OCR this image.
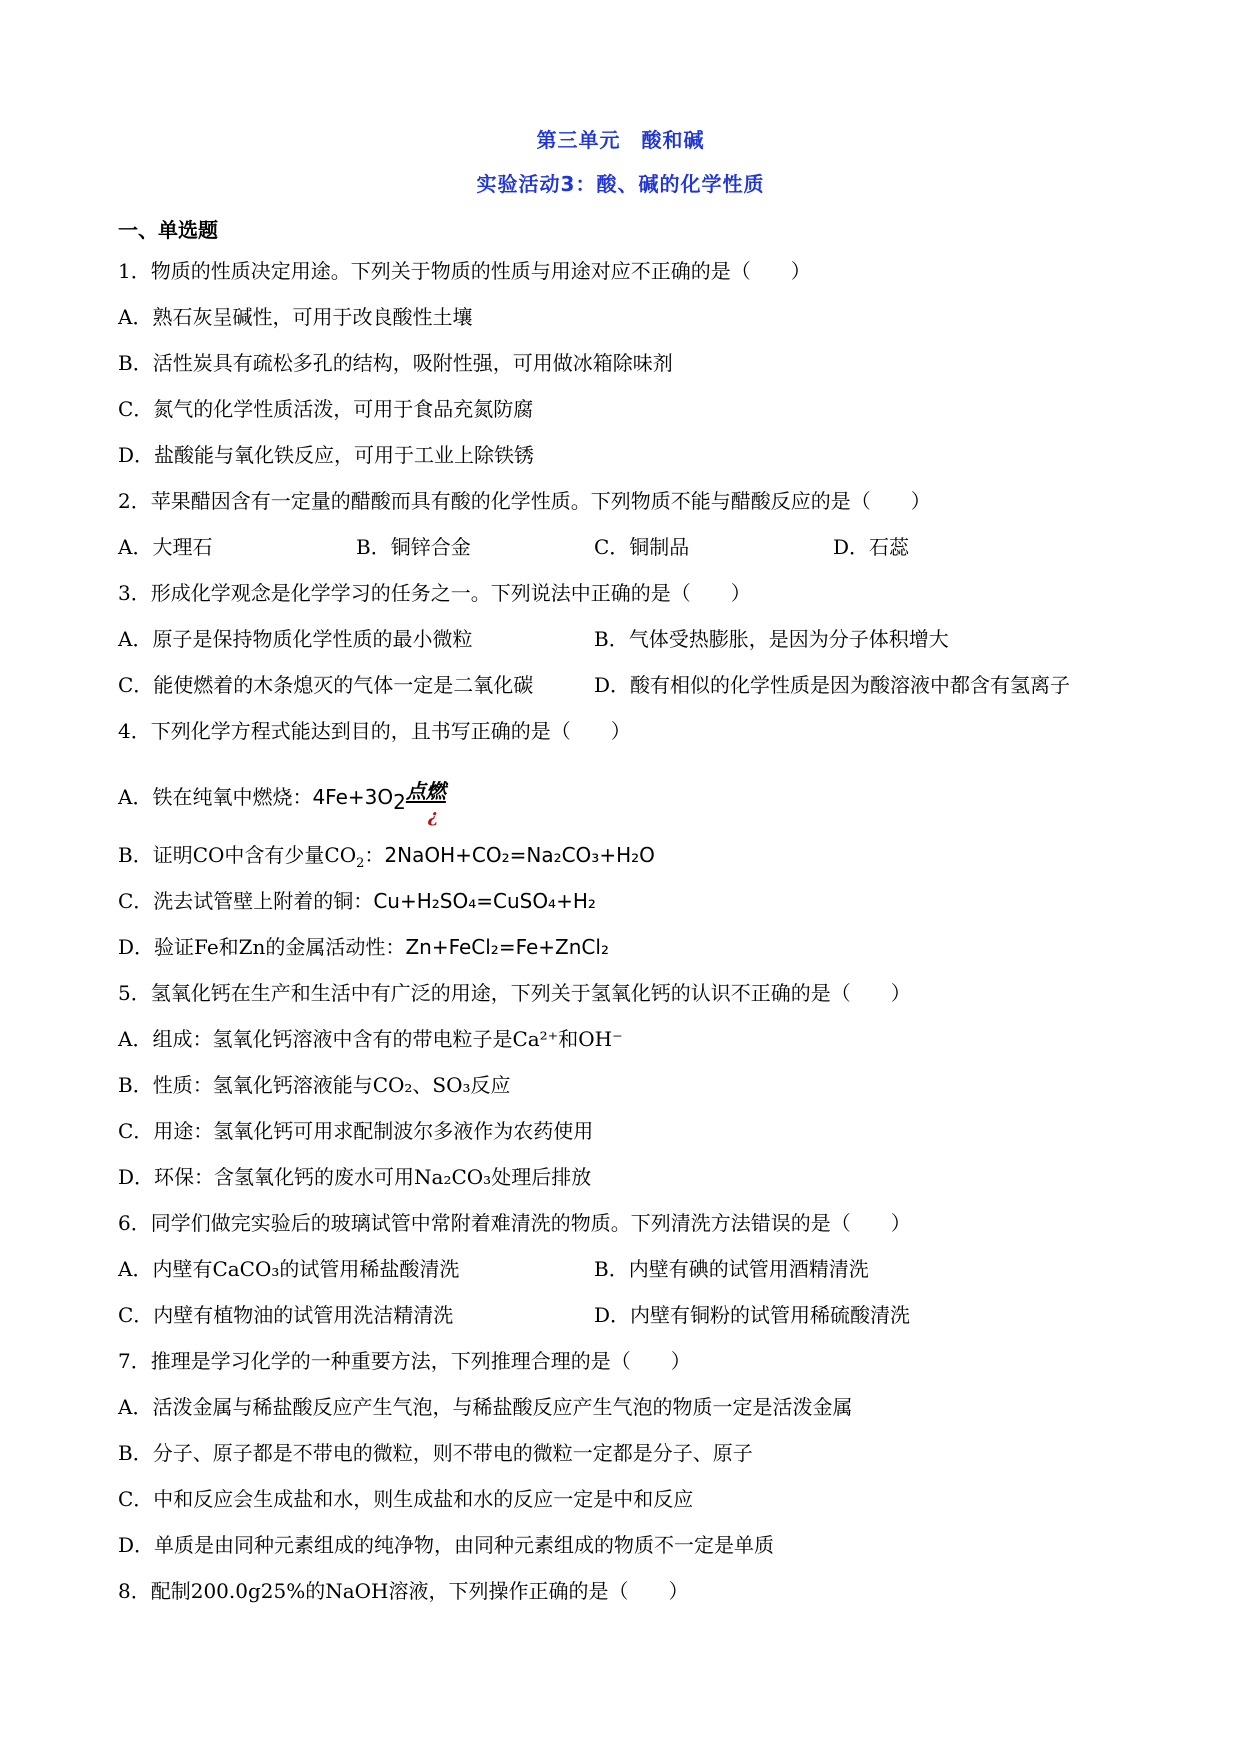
第三单元　酸和碱
实验活动3：酸、碱的化学性质
一、单选题
1．物质的性质决定用途。下列关于物质的性质与用途对应不正确的是（　　）
A．熟石灰呈碱性，可用于改良酸性土壤
B．活性炭具有疏松多孔的结构，吸附性强，可用做冰箱除味剂
C．氮气的化学性质活泼，可用于食品充氮防腐
D．盐酸能与氧化铁反应，可用于工业上除铁锈
2．苹果醋因含有一定量的醋酸而具有酸的化学性质。下列物质不能与醋酸反应的是（　　）
A．大理石	B．铜锌合金	C．铜制品	D．石蕊
3．形成化学观念是化学学习的任务之一。下列说法中正确的是（　　）
A．原子是保持物质化学性质的最小微粒	B．气体受热膨胀，是因为分子体积增大
C．能使燃着的木条熄灭的气体一定是二氧化碳	D．酸有相似的化学性质是因为酸溶液中都含有氢离子
4．下列化学方程式能达到目的，且书写正确的是（　　）
A．铁在纯氧中燃烧：$4Fe+3O_2$点燃
¿
B．证明CO中含有少量$CO_2$：2NaOH+CO₂=Na₂CO₃+H₂O
C．洗去试管壁上附着的铜：Cu+H₂SO₄=CuSO₄+H₂
D．验证Fe和Zn的金属活动性：Zn+FeCl₂=Fe+ZnCl₂
5．氢氧化钙在生产和生活中有广泛的用途，下列关于氢氧化钙的认识不正确的是（　　）
A．组成：氢氧化钙溶液中含有的带电粒子是Ca²⁺和OH⁻
B．性质：氢氧化钙溶液能与CO₂、SO₃反应
C．用途：氢氧化钙可用求配制波尔多液作为农药使用
D．环保：含氢氧化钙的废水可用Na₂CO₃处理后排放
6．同学们做完实验后的玻璃试管中常附着难清洗的物质。下列清洗方法错误的是（　　）
A．内壁有CaCO₃的试管用稀盐酸清洗	B．内壁有碘的试管用酒精清洗
C．内壁有植物油的试管用洗洁精清洗	D．内壁有铜粉的试管用稀硫酸清洗
7．推理是学习化学的一种重要方法，下列推理合理的是（　　）
A．活泼金属与稀盐酸反应产生气泡，与稀盐酸反应产生气泡的物质一定是活泼金属
B．分子、原子都是不带电的微粒，则不带电的微粒一定都是分子、原子
C．中和反应会生成盐和水，则生成盐和水的反应一定是中和反应
D．单质是由同种元素组成的纯净物，由同种元素组成的物质不一定是单质
8．配制200.0g25%的NaOH溶液，下列操作正确的是（　　）
